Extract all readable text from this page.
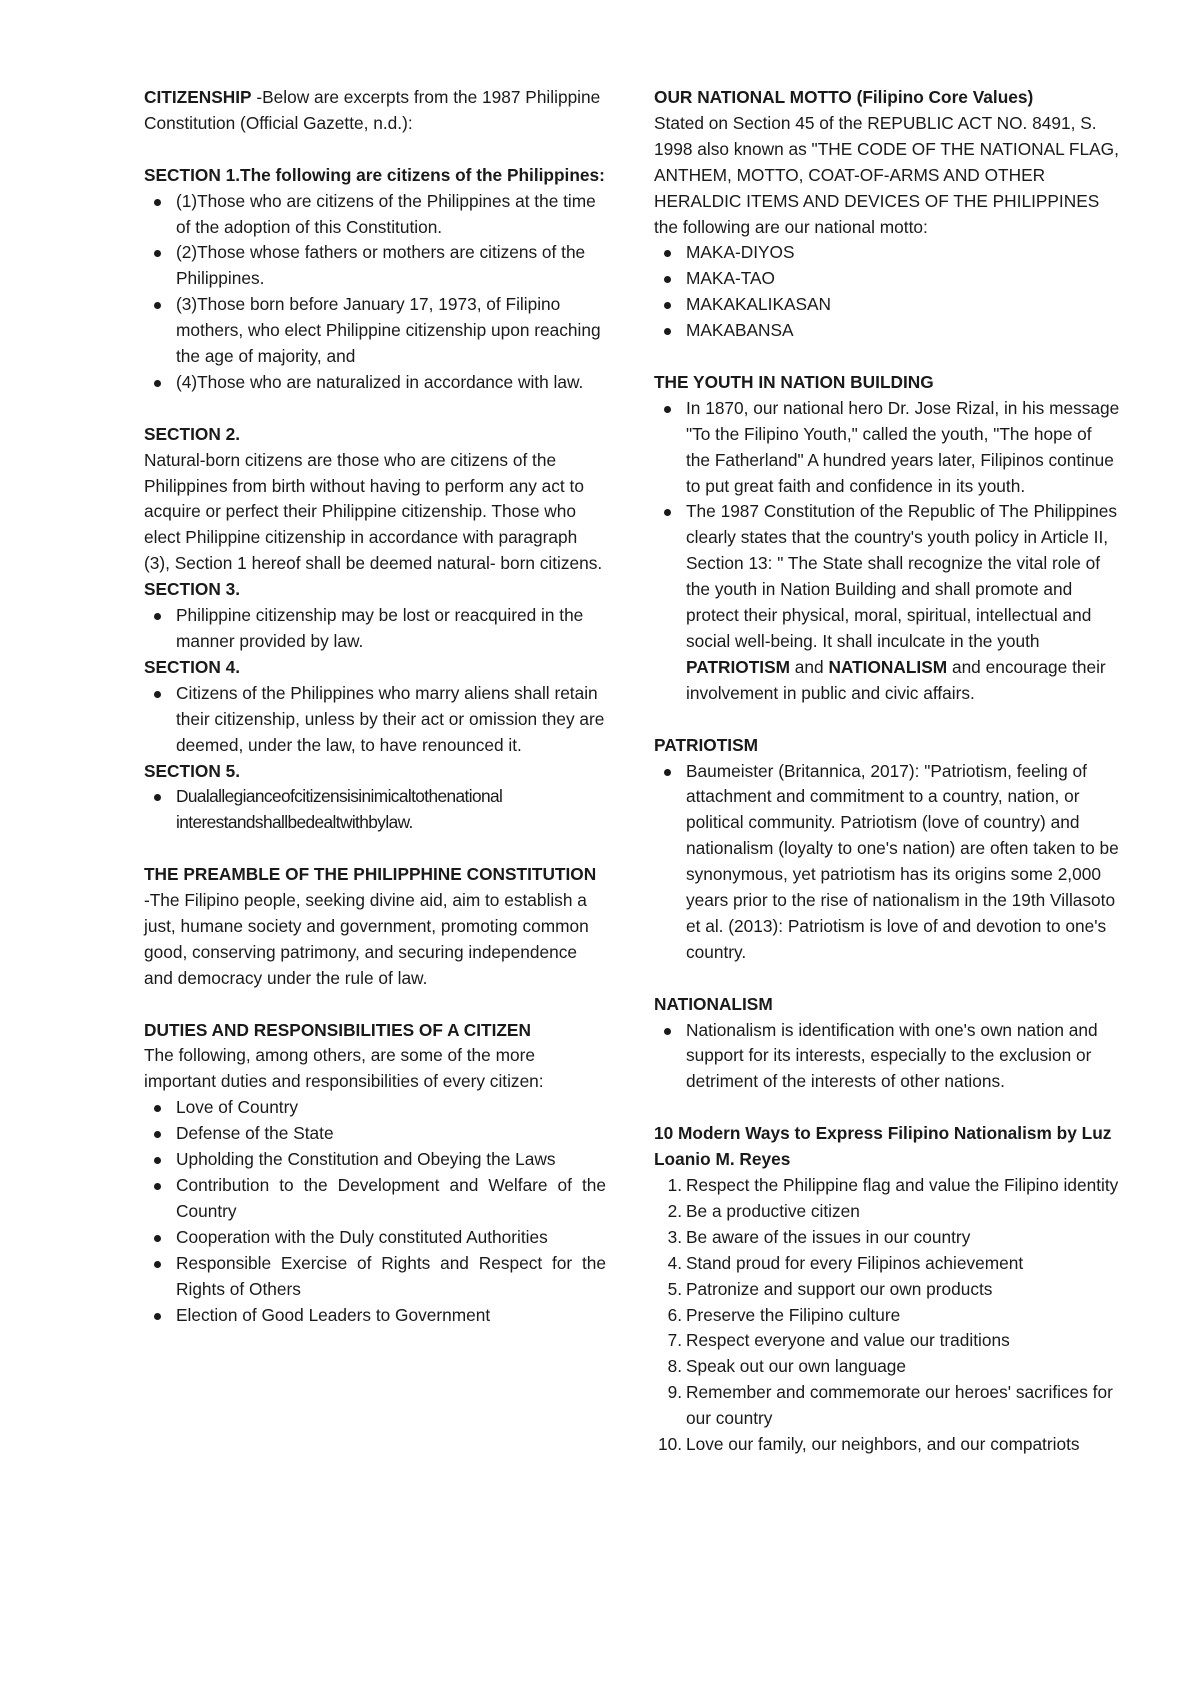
CITIZENSHIP -Below are excerpts from the 1987 Philippine Constitution (Official Gazette, n.d.):

SECTION 1.The following are citizens of the Philippines:

(1)Those who are citizens of the Philippines at the time of the adoption of this Constitution.
(2)Those whose fathers or mothers are citizens of the Philippines.
(3)Those born before January 17, 1973, of Filipino mothers, who elect Philippine citizenship upon reaching the age of majority, and
(4)Those who are naturalized in accordance with law.

SECTION 2.

Natural-born citizens are those who are citizens of the Philippines from birth without having to perform any act to acquire or perfect their Philippine citizenship. Those who elect Philippine citizenship in accordance with paragraph (3), Section 1 hereof shall be deemed natural- born citizens.

SECTION 3.

Philippine citizenship may be lost or reacquired in the manner provided by law.

SECTION 4.

Citizens of the Philippines who marry aliens shall retain their citizenship, unless by their act or omission they are deemed, under the law, to have renounced it.

SECTION 5.

Dualallegianceofcitizensisinimicaltothenational interestandshallbedealtwithbylaw.

THE PREAMBLE OF THE PHILIPPHINE CONSTITUTION

-The Filipino people, seeking divine aid, aim to establish a just, humane society and government, promoting common good, conserving patrimony, and securing independence and democracy under the rule of law.

DUTIES AND RESPONSIBILITIES OF A CITIZEN

The following, among others, are some of the more important duties and responsibilities of every citizen:

Love of Country
Defense of the State
Upholding the Constitution and Obeying the Laws
Contribution to the Development and Welfare of the Country
Cooperation with the Duly constituted Authorities
Responsible Exercise of Rights and Respect for the Rights of Others
Election of Good Leaders to Government

OUR NATIONAL MOTTO (Filipino Core Values)

Stated on Section 45 of the REPUBLIC ACT NO. 8491, S. 1998 also known as "THE CODE OF THE NATIONAL FLAG, ANTHEM, MOTTO, COAT-OF-ARMS AND OTHER HERALDIC ITEMS AND DEVICES OF THE PHILIPPINES the following are our national motto:

MAKA-DIYOS
MAKA-TAO
MAKAKALIKASAN
MAKABANSA

THE YOUTH IN NATION BUILDING

In 1870, our national hero Dr. Jose Rizal, in his message "To the Filipino Youth," called the youth, "The hope of the Fatherland" A hundred years later, Filipinos continue to put great faith and confidence in its youth.
The 1987 Constitution of the Republic of The Philippines clearly states that the country's youth policy in Article II, Section 13: " The State shall recognize the vital role of the youth in Nation Building and shall promote and protect their physical, moral, spiritual, intellectual and social well-being. It shall inculcate in the youth PATRIOTISM and NATIONALISM and encourage their involvement in public and civic affairs.

PATRIOTISM

Baumeister (Britannica, 2017): "Patriotism, feeling of attachment and commitment to a country, nation, or political community. Patriotism (love of country) and nationalism (loyalty to one's nation) are often taken to be synonymous, yet patriotism has its origins some 2,000 years prior to the rise of nationalism in the 19th Villasoto et al. (2013): Patriotism is love of and devotion to one's country.

NATIONALISM

Nationalism is identification with one's own nation and support for its interests, especially to the exclusion or detriment of the interests of other nations.

10 Modern Ways to Express Filipino Nationalism by Luz Loanio M. Reyes

1. Respect the Philippine flag and value the Filipino identity
2. Be a productive citizen
3. Be aware of the issues in our country
4. Stand proud for every Filipinos achievement
5. Patronize and support our own products
6. Preserve the Filipino culture
7. Respect everyone and value our traditions
8. Speak out our own language
9. Remember and commemorate our heroes' sacrifices for our country
10. Love our family, our neighbors, and our compatriots
